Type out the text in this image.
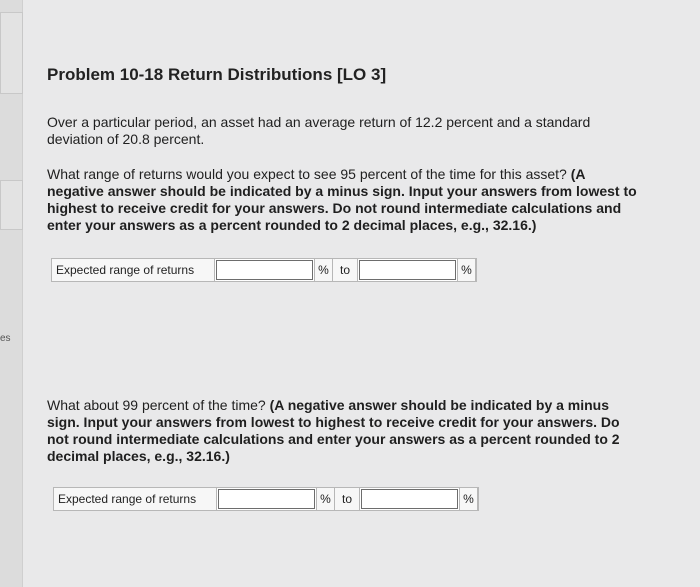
es
Problem 10-18 Return Distributions [LO 3]

Over a particular period, an asset had an average return of 12.2 percent and a standard deviation of 20.8 percent.

What range of returns would you expect to see 95 percent of the time for this asset? (A negative answer should be indicated by a minus sign. Input your answers from lowest to highest to receive credit for your answers. Do not round intermediate calculations and enter your answers as a percent rounded to 2 decimal places, e.g., 32.16.)

Expected range of returns	% to	%

What about 99 percent of the time? (A negative answer should be indicated by a minus sign. Input your answers from lowest to highest to receive credit for your answers. Do not round intermediate calculations and enter your answers as a percent rounded to 2 decimal places, e.g., 32.16.)

Expected range of returns	% to	%
